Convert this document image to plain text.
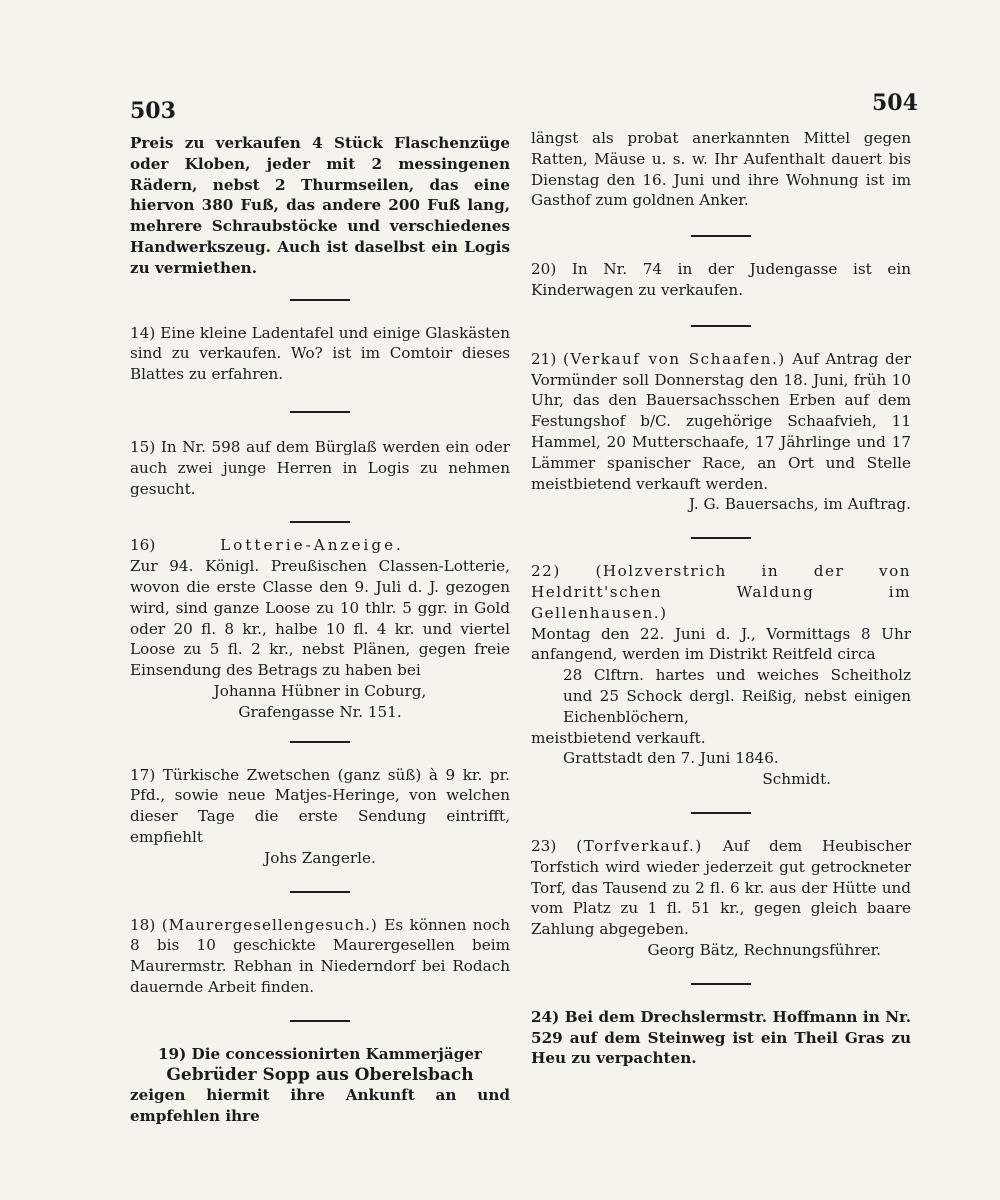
503	504

Preis zu verkaufen 4 Stück Flaschenzüge oder Kloben, jeder mit 2 messingenen Rädern, nebst 2 Thurmseilen, das eine hiervon 380 Fuß, das andere 200 Fuß lang, mehrere Schraubstöcke und verschiedenes Handwerkszeug. Auch ist daselbst ein Logis zu vermiethen.

14) Eine kleine Ladentafel und einige Glaskästen sind zu verkaufen. Wo? ist im Comtoir dieses Blattes zu erfahren.

15) In Nr. 598 auf dem Bürglaß werden ein oder auch zwei junge Herren in Logis zu nehmen gesucht.

16)	Lotterie-Anzeige.

Zur 94. Königl. Preußischen Classen-Lotterie, wovon die erste Classe den 9. Juli d. J. gezogen wird, sind ganze Loose zu 10 thlr. 5 ggr. in Gold oder 20 fl. 8 kr., halbe 10 fl. 4 kr. und viertel Loose zu 5 fl. 2 kr., nebst Plänen, gegen freie Einsendung des Betrags zu haben bei

Johanna Hübner in Coburg,

Grafengasse Nr. 151.

17) Türkische Zwetschen (ganz süß) à 9 kr. pr. Pfd., sowie neue Matjes-Heringe, von welchen dieser Tage die erste Sendung eintrifft, empfiehlt

Johs Zangerle.

18) (Maurergesellengesuch.) Es können noch 8 bis 10 geschickte Maurergesellen beim Maurermstr. Rebhan in Niederndorf bei Rodach dauernde Arbeit finden.

19) Die concessionirten Kammerjäger

Gebrüder Sopp aus Oberelsbach

zeigen hiermit ihre Ankunft an und empfehlen ihre

längst als probat anerkannten Mittel gegen Ratten, Mäuse u. s. w. Ihr Aufenthalt dauert bis Dienstag den 16. Juni und ihre Wohnung ist im Gasthof zum goldnen Anker.

20) In Nr. 74 in der Judengasse ist ein Kinderwagen zu verkaufen.

21) (Verkauf von Schaafen.) Auf Antrag der Vormünder soll Donnerstag den 18. Juni, früh 10 Uhr, das den Bauersachsschen Erben auf dem Festungshof b/C. zugehörige Schaafvieh, 11 Hammel, 20 Mutterschaafe, 17 Jährlinge und 17 Lämmer spanischer Race, an Ort und Stelle meistbietend verkauft werden.

J. G. Bauersachs, im Auftrag.

22) (Holzverstrich in der von Heldritt'schen Waldung im Gellenhausen.)

Montag den 22. Juni d. J., Vormittags 8 Uhr anfangend, werden im Distrikt Reitfeld circa

28 Clftrn. hartes und weiches Scheitholz und 25 Schock dergl. Reißig, nebst einigen Eichenblöchern,

meistbietend verkauft.

Grattstadt den 7. Juni 1846.

Schmidt.

23) (Torfverkauf.) Auf dem Heubischer Torfstich wird wieder jederzeit gut getrockneter Torf, das Tausend zu 2 fl. 6 kr. aus der Hütte und vom Platz zu 1 fl. 51 kr., gegen gleich baare Zahlung abgegeben.

Georg Bätz, Rechnungsführer.

24) Bei dem Drechslermstr. Hoffmann in Nr. 529 auf dem Steinweg ist ein Theil Gras zu Heu zu verpachten.
